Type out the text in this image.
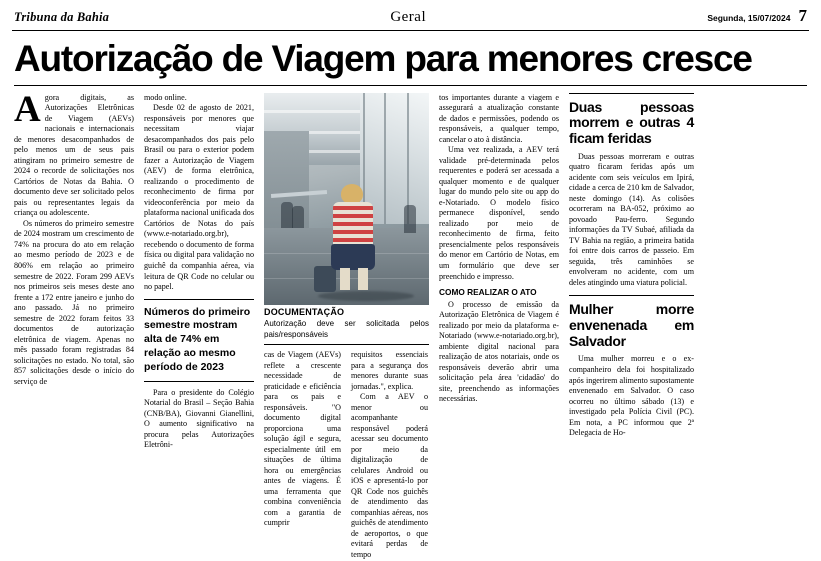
Tribuna da Bahia	Geral	Segunda, 15/07/2024 7
Autorização de Viagem para menores cresce

Agora digitais, as Autorizações Eletrônicas de Viagem (AEVs) nacionais e internacionais de menores desacompanhados de pelo menos um de seus pais atingiram no primeiro semestre de 2024 o recorde de solicitações nos Cartórios de Notas da Bahia. O documento deve ser solicitado pelos pais ou representantes legais da criança ou adolescente.

Os números do primeiro semestre de 2024 mostram um crescimento de 74% na procura do ato em relação ao mesmo período de 2023 e de 806% em relação ao primeiro semestre de 2022. Foram 299 AEVs nos primeiros seis meses deste ano frente a 172 entre janeiro e junho do ano passado. Já no primeiro semestre de 2022 foram feitos 33 documentos de autorização eletrônica de viagem. Apenas no mês passado foram registradas 84 solicitações no estado. No total, são 857 solicitações desde o início do serviço de

modo online.

Desde 02 de agosto de 2021, responsáveis por menores que necessitam viajar desacompanhados dos pais pelo Brasil ou para o exterior podem fazer a Autorização de Viagem (AEV) de forma eletrônica, realizando o procedimento de reconhecimento de firma por videoconferência por meio da plataforma nacional unificada dos Cartórios de Notas do país (www.e-notariado.org.br), recebendo o documento de forma física ou digital para validação no guichê da companhia aérea, via leitura de QR Code no celular ou no papel.

Números do primeiro semestre mostram alta de 74% em relação ao mesmo período de 2023

Para o presidente do Colégio Notarial do Brasil – Seção Bahia (CNB/BA), Giovanni Gianellini, O aumento significativo na procura pelas Autorizações Eletrôni-

DOCUMENTAÇÃO
Autorização deve ser solicitada pelos pais/responsáveis

cas de Viagem (AEVs) reflete a crescente necessidade de praticidade e eficiência para os pais e responsáveis. "O documento digital proporciona uma solução ágil e segura, especialmente útil em situações de última hora ou emergências antes de viagens. É uma ferramenta que combina conveniência com a garantia de cumprir

requisitos essenciais para a segurança dos menores durante suas jornadas.", explica.

Com a AEV o menor ou acompanhante responsável poderá acessar seu documento por meio da digitalização de celulares Android ou iOS e apresentá-lo por QR Code nos guichês de atendimento das companhias aéreas, nos guichês de atendimento de aeroportos, o que evitará perdas de tempo

tos importantes durante a viagem e assegurará a atualização constante de dados e permissões, podendo os responsáveis, a qualquer tempo, cancelar o ato à distância.

Uma vez realizada, a AEV terá validade pré-determinada pelos requerentes e poderá ser acessada a qualquer momento e de qualquer lugar do mundo pelo site ou app do e-Notariado. O modelo físico permanece disponível, sendo realizado por meio de reconhecimento de firma, feito presencialmente pelos responsáveis do menor em Cartório de Notas, em um formulário que deve ser preenchido e impresso.

COMO REALIZAR O ATO

O processo de emissão da Autorização Eletrônica de Viagem é realizado por meio da plataforma e-Notariado (www.e-notariado.org.br), ambiente digital nacional para realização de atos notariais, onde os responsáveis deverão abrir uma solicitação pela área 'cidadão' do site, preenchendo as informações necessárias.

Duas pessoas morrem e outras 4 ficam feridas

Duas pessoas morreram e outras quatro ficaram feridas após um acidente com seis veículos em Ipirá, cidade a cerca de 210 km de Salvador, neste domingo (14). As colisões ocorreram na BA-052, próximo ao povoado Pau-ferro. Segundo informações da TV Subaé, afiliada da TV Bahia na região, a primeira batida foi entre dois carros de passeio. Em seguida, três caminhões se envolveram no acidente, com um deles atingindo uma viatura policial.

Mulher morre envenenada em Salvador

Uma mulher morreu e o ex-companheiro dela foi hospitalizado após ingerirem alimento supostamente envenenado em Salvador. O caso ocorreu no último sábado (13) e investigado pela Polícia Civil (PC). Em nota, a PC informou que 2ª Delegacia de Ho-
